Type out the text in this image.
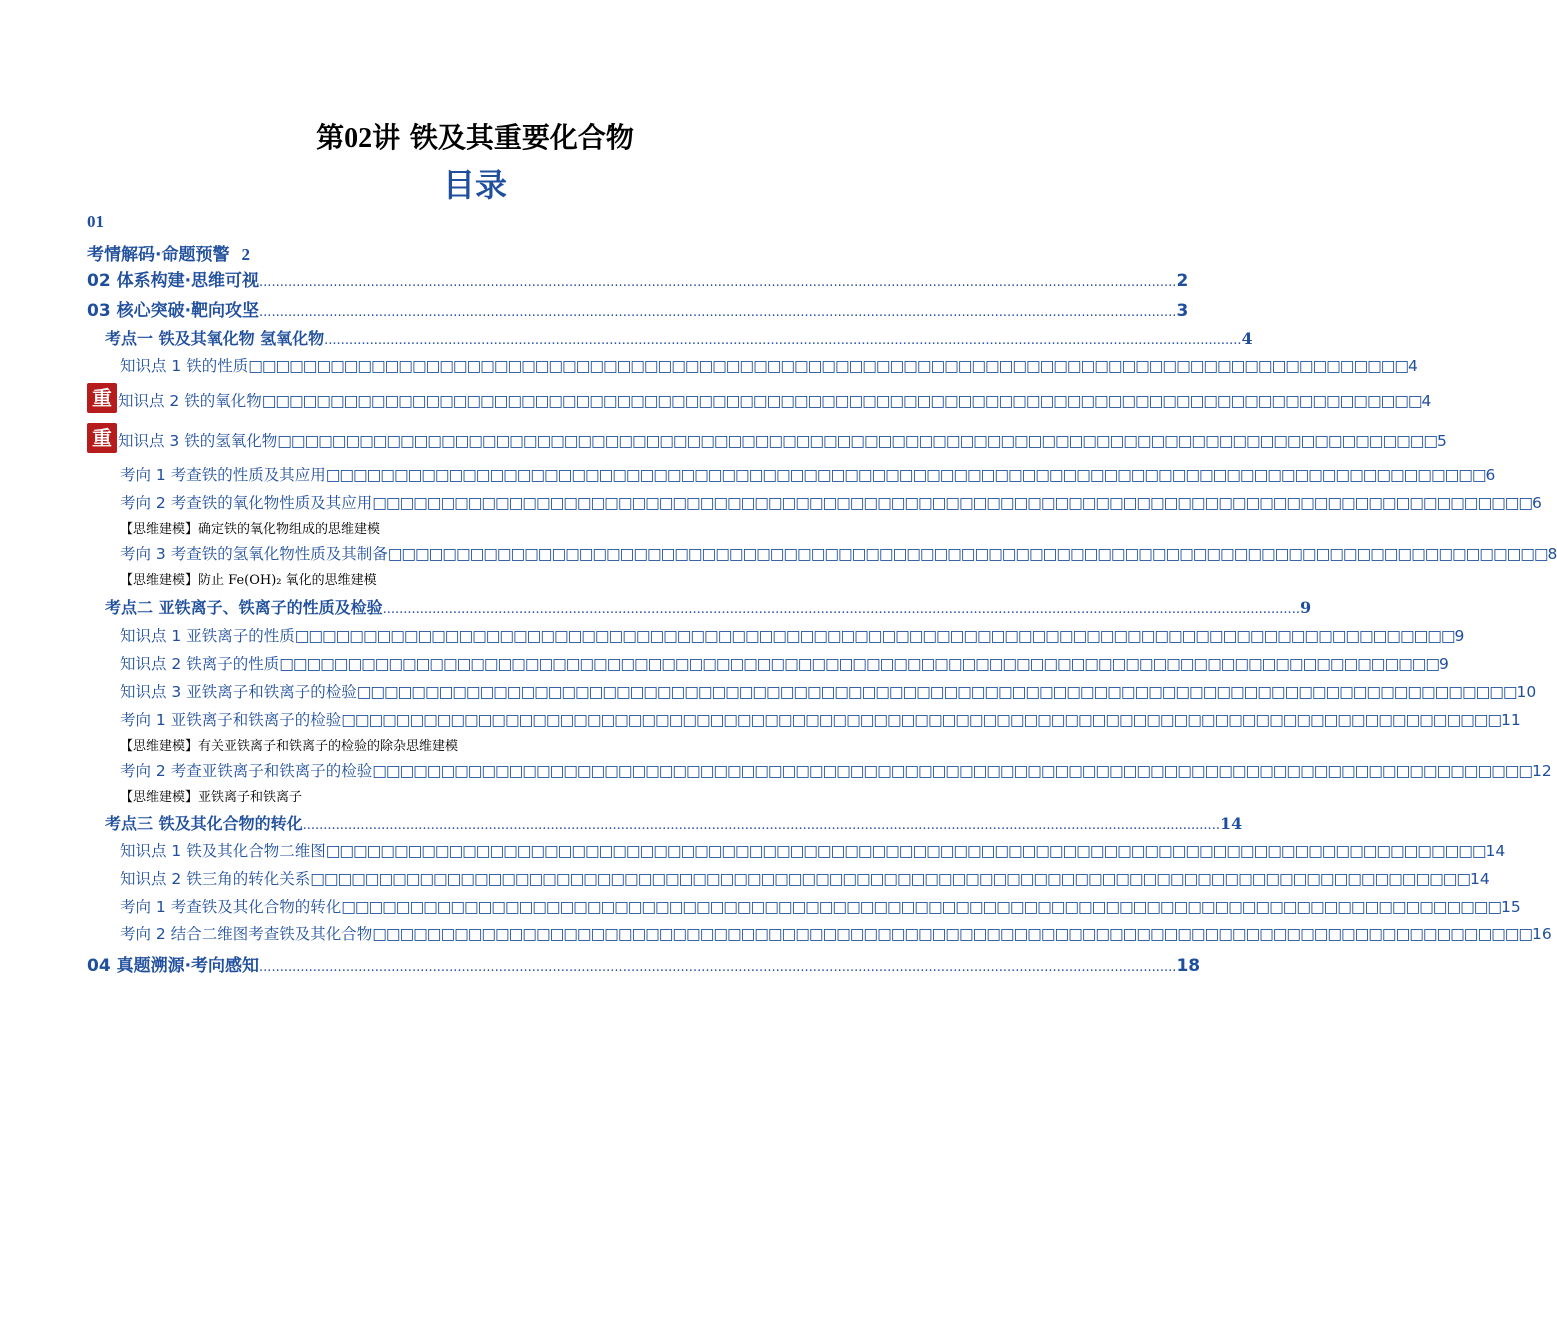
第02讲 铁及其重要化合物
目录
01
考情解码·命题预警 2
02 体系构建·思维可视 .............................................................................................................................................................................................................................. 2
03 核心突破·靶向攻坚 .............................................................................................................................................................................................................................. 3
考点一 铁及其氧化物 氢氧化物 .............................................................................................................................................................................................................................. 4
知识点 1 铁的性质 □□□□□□□□□□□□□□□□□□□□□□□□□□□□□□□□□□□□□□□□□□□□□□□□□□□□□□□□□□□□□□□□□□□□□□□□□□□□□□□□□□□□□ 4
重 知识点 2 铁的氧化物 □□□□□□□□□□□□□□□□□□□□□□□□□□□□□□□□□□□□□□□□□□□□□□□□□□□□□□□□□□□□□□□□□□□□□□□□□□□□□□□□□□□□□ 4
重 知识点 3 铁的氢氧化物 □□□□□□□□□□□□□□□□□□□□□□□□□□□□□□□□□□□□□□□□□□□□□□□□□□□□□□□□□□□□□□□□□□□□□□□□□□□□□□□□□□□□□ 5
考向 1 考查铁的性质及其应用 □□□□□□□□□□□□□□□□□□□□□□□□□□□□□□□□□□□□□□□□□□□□□□□□□□□□□□□□□□□□□□□□□□□□□□□□□□□□□□□□□□□□□ 6
考向 2 考查铁的氧化物性质及其应用 □□□□□□□□□□□□□□□□□□□□□□□□□□□□□□□□□□□□□□□□□□□□□□□□□□□□□□□□□□□□□□□□□□□□□□□□□□□□□□□□□□□□□ 6
【思维建模】确定铁的氧化物组成的思维建模
考向 3 考查铁的氢氧化物性质及其制备 □□□□□□□□□□□□□□□□□□□□□□□□□□□□□□□□□□□□□□□□□□□□□□□□□□□□□□□□□□□□□□□□□□□□□□□□□□□□□□□□□□□□□ 8
【思维建模】防止 Fe(OH)₂ 氧化的思维建模
考点二 亚铁离子、铁离子的性质及检验 .............................................................................................................................................................................................................................. 9
知识点 1 亚铁离子的性质 □□□□□□□□□□□□□□□□□□□□□□□□□□□□□□□□□□□□□□□□□□□□□□□□□□□□□□□□□□□□□□□□□□□□□□□□□□□□□□□□□□□□□ 9
知识点 2 铁离子的性质 □□□□□□□□□□□□□□□□□□□□□□□□□□□□□□□□□□□□□□□□□□□□□□□□□□□□□□□□□□□□□□□□□□□□□□□□□□□□□□□□□□□□□ 9
知识点 3 亚铁离子和铁离子的检验 □□□□□□□□□□□□□□□□□□□□□□□□□□□□□□□□□□□□□□□□□□□□□□□□□□□□□□□□□□□□□□□□□□□□□□□□□□□□□□□□□□□□□ 10
考向 1 亚铁离子和铁离子的检验 □□□□□□□□□□□□□□□□□□□□□□□□□□□□□□□□□□□□□□□□□□□□□□□□□□□□□□□□□□□□□□□□□□□□□□□□□□□□□□□□□□□□□ 11
【思维建模】有关亚铁离子和铁离子的检验的除杂思维建模
考向 2 考查亚铁离子和铁离子的检验 □□□□□□□□□□□□□□□□□□□□□□□□□□□□□□□□□□□□□□□□□□□□□□□□□□□□□□□□□□□□□□□□□□□□□□□□□□□□□□□□□□□□□ 12
【思维建模】亚铁离子和铁离子
考点三 铁及其化合物的转化 .............................................................................................................................................................................................................................. 14
知识点 1 铁及其化合物二维图 □□□□□□□□□□□□□□□□□□□□□□□□□□□□□□□□□□□□□□□□□□□□□□□□□□□□□□□□□□□□□□□□□□□□□□□□□□□□□□□□□□□□□ 14
知识点 2 铁三角的转化关系 □□□□□□□□□□□□□□□□□□□□□□□□□□□□□□□□□□□□□□□□□□□□□□□□□□□□□□□□□□□□□□□□□□□□□□□□□□□□□□□□□□□□□ 14
考向 1 考查铁及其化合物的转化 □□□□□□□□□□□□□□□□□□□□□□□□□□□□□□□□□□□□□□□□□□□□□□□□□□□□□□□□□□□□□□□□□□□□□□□□□□□□□□□□□□□□□ 15
考向 2 结合二维图考查铁及其化合物 □□□□□□□□□□□□□□□□□□□□□□□□□□□□□□□□□□□□□□□□□□□□□□□□□□□□□□□□□□□□□□□□□□□□□□□□□□□□□□□□□□□□□ 16
04 真题溯源·考向感知 .............................................................................................................................................................................................................................. 18
